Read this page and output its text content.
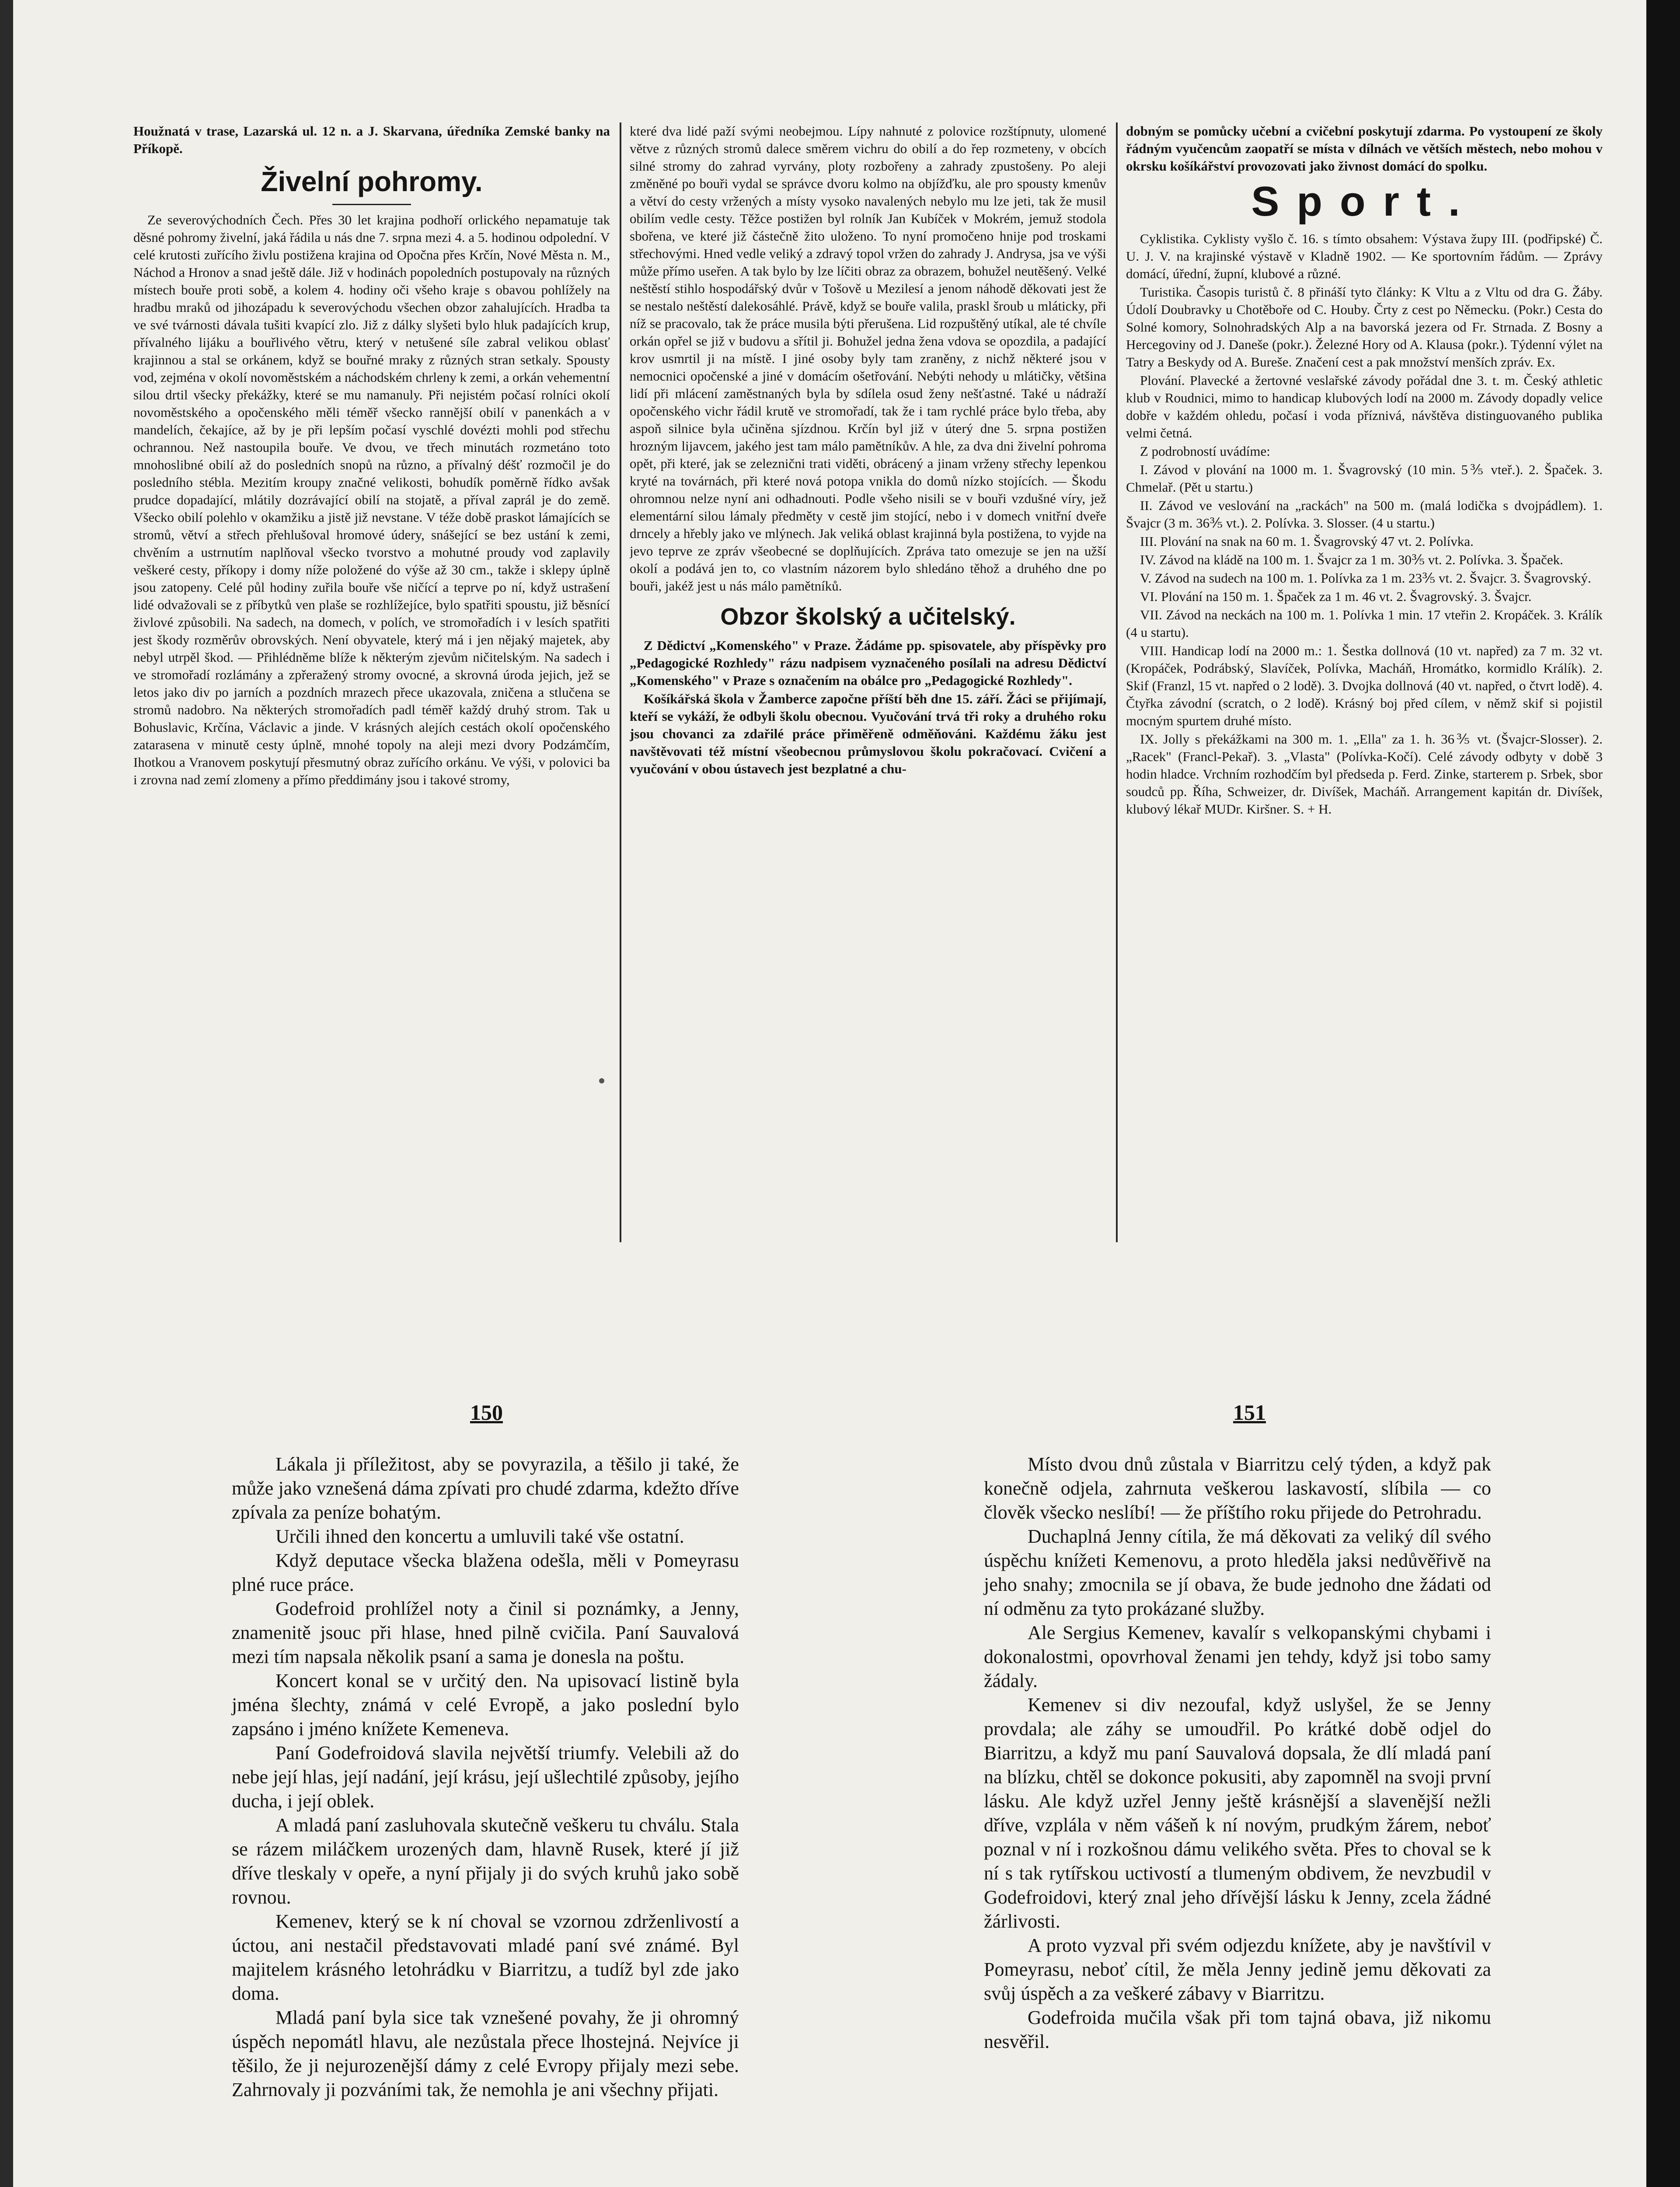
Houžnatá v trase, Lazarská ul. 12 n. a J. Skarvana, úředníka Zemské banky na Příkopě.

Živelní pohromy.

Ze severovýchodních Čech. Přes 30 let krajina podhoří orlického nepamatuje tak děsné pohromy živelní, jaká řádila u nás dne 7. srpna mezi 4. a 5. hodinou odpolední. V celé krutosti zuřícího živlu postižena krajina od Opočna přes Krčín, Nové Města n. M., Náchod a Hronov a snad ještě dále. Již v hodinách popoledních postupovaly na různých místech bouře proti sobě, a kolem 4. hodiny oči všeho kraje s obavou pohlížely na hradbu mraků od jihozápadu k severovýchodu všechen obzor zahalujících. Hradba ta ve své tvárnosti dávala tušiti kvapící zlo. Již z dálky slyšeti bylo hluk padajících krup, přívalného lijáku a bouřlivého větru, který v netušené síle zabral velikou oblasť krajinnou a stal se orkánem, když se bouřné mraky z různých stran setkaly. Spousty vod, zejména v okolí novoměstském a náchodském chrleny k zemi, a orkán vehementní silou drtil všecky překážky, které se mu namanuly. Při nejistém počasí rolníci okolí novoměstského a opočenského měli téměř všecko rannější obilí v panenkách a v mandelích, čekajíce, až by je při lepším počasí vyschlé dovézti mohli pod střechu ochrannou. Než nastoupila bouře. Ve dvou, ve třech minutách rozmetáno toto mnohoslibné obilí až do posledních snopů na různo, a přívalný déšť rozmočil je do posledního stébla. Mezitím kroupy značné velikosti, bohudík poměrně řídko avšak prudce dopadající, mlátily dozrávající obilí na stojatě, a příval zaprál je do země. Všecko obilí polehlo v okamžiku a jistě již nevstane. V téže době praskot lámajících se stromů, větví a střech přehlušoval hromové údery, snášející se bez ustání k zemi, chvěním a ustrnutím naplňoval všecko tvorstvo a mohutné proudy vod zaplavily veškeré cesty, příkopy i domy níže položené do výše až 30 cm., takže i sklepy úplně jsou zatopeny. Celé půl hodiny zuřila bouře vše ničící a teprve po ní, když ustrašení lidé odvažovali se z příbytků ven plaše se rozhlížejíce, bylo spatřiti spoustu, již běsnící živlové způsobili. Na sadech, na domech, v polích, ve stromořadích i v lesích spatřiti jest škody rozměrův obrovských. Není obyvatele, který má i jen nějaký majetek, aby nebyl utrpěl škod. — Přihlédněme blíže k některým zjevům ničitelským. Na sadech i ve stromořadí rozlámány a zpřeražený stromy ovocné, a skrovná úroda jejich, jež se letos jako div po jarních a pozdních mrazech přece ukazovala, zničena a stlučena se stromů nadobro. Na některých stromořadích padl téměř každý druhý strom. Tak u Bohuslavic, Krčína, Václavic a jinde. V krásných alejích cestách okolí opočenského zatarasena v minutě cesty úplně, mnohé topoly na aleji mezi dvory Podzámčím, Ihotkou a Vranovem poskytují přesmutný obraz zuřícího orkánu. Ve výši, v polovici ba i zrovna nad zemí zlomeny a přímo předdimány jsou i takové stromy,

které dva lidé paží svými neobejmou. Lípy nahnuté z polovice rozštípnuty, ulomené větve z různých stromů dalece směrem vichru do obilí a do řep rozmeteny, v obcích silné stromy do zahrad vyrvány, ploty rozbořeny a zahrady zpustošeny. Po aleji změněné po bouři vydal se správce dvoru kolmo na objížďku, ale pro spousty kmenův a větví do cesty vržených a místy vysoko navalených nebylo mu lze jeti, tak že musil obilím vedle cesty. Těžce postižen byl rolník Jan Kubíček v Mokrém, jemuž stodola sbořena, ve které již částečně žito uloženo. To nyní promočeno hnije pod troskami střechovými. Hned vedle veliký a zdravý topol vržen do zahrady J. Andrysa, jsa ve výši může přímo useřen. A tak bylo by lze líčiti obraz za obrazem, bohužel neutěšený. Velké neštěstí stihlo hospodářský dvůr v Tošově u Mezilesí a jenom náhodě děkovati jest že se nestalo neštěstí dalekosáhlé. Právě, když se bouře valila, praskl šroub u mláticky, při níž se pracovalo, tak že práce musila býti přerušena. Lid rozpuštěný utíkal, ale té chvíle orkán opřel se již v budovu a sřítil ji. Bohužel jedna žena vdova se opozdila, a padající krov usmrtil ji na místě. I jiné osoby byly tam zraněny, z nichž některé jsou v nemocnici opočenské a jiné v domácím ošetřování. Nebýti nehody u mlátičky, většina lidí při mlácení zaměstnaných byla by sdílela osud ženy nešťastné. Také u nádraží opočenského vichr řádil krutě ve stromořadí, tak že i tam rychlé práce bylo třeba, aby aspoň silnice byla učiněna sjízdnou. Krčín byl již v úterý dne 5. srpna postižen hrozným lijavcem, jakého jest tam málo pamětníkův. A hle, za dva dni živelní pohroma opět, při které, jak se zeleznični trati viděti, obrácený a jinam vrženy střechy lepenkou kryté na továrnách, při které nová potopa vnikla do domů nízko stojících. — Škodu ohromnou nelze nyní ani odhadnouti. Podle všeho nisili se v bouři vzdušné víry, jež elementární silou lámaly předměty v cestě jim stojící, nebo i v domech vnitřní dveře drncely a hřebly jako ve mlýnech. Jak veliká oblast krajinná byla postižena, to vyjde na jevo teprve ze zpráv všeobecné se doplňujících. Zpráva tato omezuje se jen na užší okolí a podává jen to, co vlastním názorem bylo shledáno těhož a druhého dne po bouři, jakéž jest u nás málo pamětníků.

Obzor školský a učitelský.

Z Dědictví „Komenského" v Praze. Žádáme pp. spisovatele, aby příspěvky pro „Pedagogické Rozhledy" rázu nadpisem vyznačeného posílali na adresu Dědictví „Komenského" v Praze s označením na obálce pro „Pedagogické Rozhledy".

Košíkářská škola v Žamberce započne příští běh dne 15. září. Žáci se přijímají, kteří se vykáží, že odbyli školu obecnou. Vyučování trvá tři roky a druhého roku jsou chovanci za zdařilé práce přiměřeně odměňováni. Každému žáku jest navštěvovati též místní všeobecnou průmyslovou školu pokračovací. Cvičení a vyučování v obou ústavech jest bezplatné a chu-

dobným se pomůcky učební a cvičební poskytují zdarma. Po vystoupení ze školy řádným vyučencům zaopatří se místa v dílnách ve větších městech, nebo mohou v okrsku košíkářství provozovati jako živnost domácí do spolku.

Sport.

Cyklistika. Cyklisty vyšlo č. 16. s tímto obsahem: Výstava župy III. (podřipské) Č. U. J. V. na krajinské výstavě v Kladně 1902. — Ke sportovním řádům. — Zprávy domácí, úřední, župní, klubové a různé.

Turistika. Časopis turistů č. 8 přináší tyto články: K Vltu a z Vltu od dra G. Žáby. Údolí Doubravky u Chotěboře od C. Houby. Črty z cest po Německu. (Pokr.) Cesta do Solné komory, Solnohradských Alp a na bavorská jezera od Fr. Strnada. Z Bosny a Hercegoviny od J. Daneše (pokr.). Železné Hory od A. Klausa (pokr.). Týdenní výlet na Tatry a Beskydy od A. Bureše. Značení cest a pak množství menších zpráv. Ex.

Plování. Plavecké a žertovné veslařské závody pořádal dne 3. t. m. Český athletic klub v Roudnici, mimo to handicap klubových lodí na 2000 m. Závody dopadly velice dobře v každém ohledu, počasí i voda příznivá, návštěva distinguovaného publika velmi četná.

Z podrobností uvádíme:

I. Závod v plování na 1000 m. 1. Švagrovský (10 min. 5⅗ vteř.). 2. Špaček. 3. Chmelař. (Pět u startu.)

II. Závod ve veslování na „rackách" na 500 m. (malá lodička s dvojpádlem). 1. Švajcr (3 m. 36⅗ vt.). 2. Polívka. 3. Slosser. (4 u startu.)

III. Plování na snak na 60 m. 1. Švagrovský 47 vt. 2. Polívka.

IV. Závod na kládě na 100 m. 1. Švajcr za 1 m. 30⅗ vt. 2. Polívka. 3. Špaček.

V. Závod na sudech na 100 m. 1. Polívka za 1 m. 23⅗ vt. 2. Švajcr. 3. Švagrovský.

VI. Plování na 150 m. 1. Špaček za 1 m. 46 vt. 2. Švagrovský. 3. Švajcr.

VII. Závod na neckách na 100 m. 1. Polívka 1 min. 17 vteřin 2. Kropáček. 3. Králík (4 u startu).

VIII. Handicap lodí na 2000 m.: 1. Šestka dollnová (10 vt. napřed) za 7 m. 32 vt. (Kropáček, Podrábský, Slavíček, Polívka, Macháň, Hromátko, kormidlo Králík). 2. Skif (Franzl, 15 vt. napřed o 2 lodě). 3. Dvojka dollnová (40 vt. napřed, o čtvrt lodě). 4. Čtyřka závodní (scratch, o 2 lodě). Krásný boj před cílem, v němž skif si pojistil mocným spurtem druhé místo.

IX. Jolly s překážkami na 300 m. 1. „Ella" za 1. h. 36⅗ vt. (Švajcr-Slosser). 2. „Racek" (Francl-Pekař). 3. „Vlasta" (Polívka-Kočí). Celé závody odbyty v době 3 hodin hladce. Vrchním rozhodčím byl předseda p. Ferd. Zinke, starterem p. Srbek, sbor soudců pp. Říha, Schweizer, dr. Divíšek, Macháň. Arrangement kapitán dr. Divíšek, klubový lékař MUDr. Kiršner. S. + H.

150	151

Lákala ji příležitost, aby se povyrazila, a těšilo ji také, že může jako vznešená dáma zpívati pro chudé zdarma, kdežto dříve zpívala za peníze bohatým.

Určili ihned den koncertu a umluvili také vše ostatní.

Když deputace všecka blažena odešla, měli v Pomeyrasu plné ruce práce.

Godefroid prohlížel noty a činil si poznámky, a Jenny, znamenitě jsouc při hlase, hned pilně cvičila. Paní Sauvalová mezi tím napsala několik psaní a sama je donesla na poštu.

Koncert konal se v určitý den. Na upisovací listině byla jména šlechty, známá v celé Evropě, a jako poslední bylo zapsáno i jméno knížete Kemeneva.

Paní Godefroidová slavila největší triumfy. Velebili až do nebe její hlas, její nadání, její krásu, její ušlechtilé způsoby, jejího ducha, i její oblek.

A mladá paní zasluhovala skutečně veškeru tu chválu. Stala se rázem miláčkem urozených dam, hlavně Rusek, které jí již dříve tleskaly v opeře, a nyní přijaly ji do svých kruhů jako sobě rovnou.

Kemenev, který se k ní choval se vzornou zdrženlivostí a úctou, ani nestačil představovati mladé paní své známé. Byl majitelem krásného letohrádku v Biarritzu, a tudíž byl zde jako doma.

Mladá paní byla sice tak vznešené povahy, že ji ohromný úspěch nepomátl hlavu, ale nezůstala přece lhostejná. Nejvíce ji těšilo, že ji nejurozenější dámy z celé Evropy přijaly mezi sebe. Zahrnovaly ji pozváními tak, že nemohla je ani všechny přijati.

Místo dvou dnů zůstala v Biarritzu celý týden, a když pak konečně odjela, zahrnuta veškerou laskavostí, slíbila — co člověk všecko neslíbí! — že příštího roku přijede do Petrohradu.

Duchaplná Jenny cítila, že má děkovati za veliký díl svého úspěchu knížeti Kemenovu, a proto hleděla jaksi nedůvěřivě na jeho snahy; zmocnila se jí obava, že bude jednoho dne žádati od ní odměnu za tyto prokázané služby.

Ale Sergius Kemenev, kavalír s velkopanskými chybami i dokonalostmi, opovrhoval ženami jen tehdy, když jsi tobo samy žádaly.

Kemenev si div nezoufal, když uslyšel, že se Jenny provdala; ale záhy se umoudřil. Po krátké době odjel do Biarritzu, a když mu paní Sauvalová dopsala, že dlí mladá paní na blízku, chtěl se dokonce pokusiti, aby zapomněl na svoji první lásku. Ale když uzřel Jenny ještě krásnější a slavenější nežli dříve, vzplála v něm vášeň k ní novým, prudkým žárem, neboť poznal v ní i rozkošnou dámu velikého světa. Přes to choval se k ní s tak rytířskou uctivostí a tlumeným obdivem, že nevzbudil v Godefroidovi, který znal jeho dřívější lásku k Jenny, zcela žádné žárlivosti.

A proto vyzval při svém odjezdu knížete, aby je navštívil v Pomeyrasu, neboť cítil, že měla Jenny jedině jemu děkovati za svůj úspěch a za veškeré zábavy v Biarritzu.

Godefroida mučila však při tom tajná obava, již nikomu nesvěřil.
